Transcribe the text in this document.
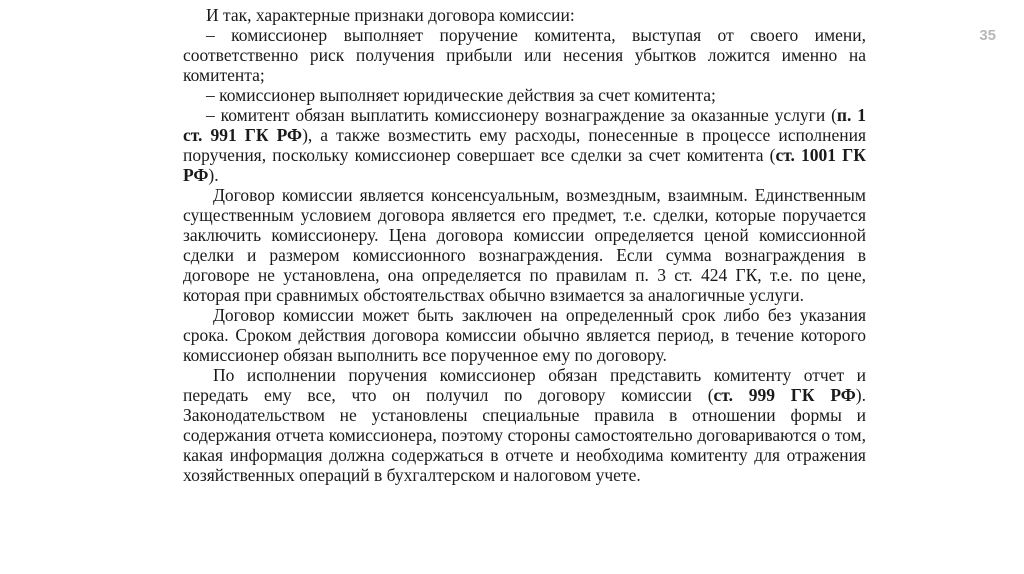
35

И так, характерные признаки договора комиссии:

– комиссионер выполняет поручение комитента, выступая от своего имени, соответственно риск получения прибыли или несения убытков ложится именно на комитента;

– комиссионер выполняет юридические действия за счет комитента;

– комитент обязан выплатить комиссионеру вознаграждение за оказанные услуги (п. 1 ст. 991 ГК РФ), а также возместить ему расходы, понесенные в процессе исполнения поручения, поскольку комиссионер совершает все сделки за счет комитента (ст. 1001 ГК РФ).

Договор комиссии является консенсуальным, возмездным, взаимным. Единственным существенным условием договора является его предмет, т.е. сделки, которые поручается заключить комиссионеру. Цена договора комиссии определяется ценой комиссионной сделки и размером комиссионного вознаграждения. Если сумма вознаграждения в договоре не установлена, она определяется по правилам п. 3 ст. 424 ГК, т.е. по цене, которая при сравнимых обстоятельствах обычно взимается за аналогичные услуги.

Договор комиссии может быть заключен на определенный срок либо без указания срока. Сроком действия договора комиссии обычно является период, в течение которого комиссионер обязан выполнить все порученное ему по договору.

По исполнении поручения комиссионер обязан представить комитенту отчет и передать ему все, что он получил по договору комиссии (ст. 999 ГК РФ). Законодательством не установлены специальные правила в отношении формы и содержания отчета комиссионера, поэтому стороны самостоятельно договариваются о том, какая информация должна содержаться в отчете и необходима комитенту для отражения хозяйственных операций в бухгалтерском и налоговом учете.
